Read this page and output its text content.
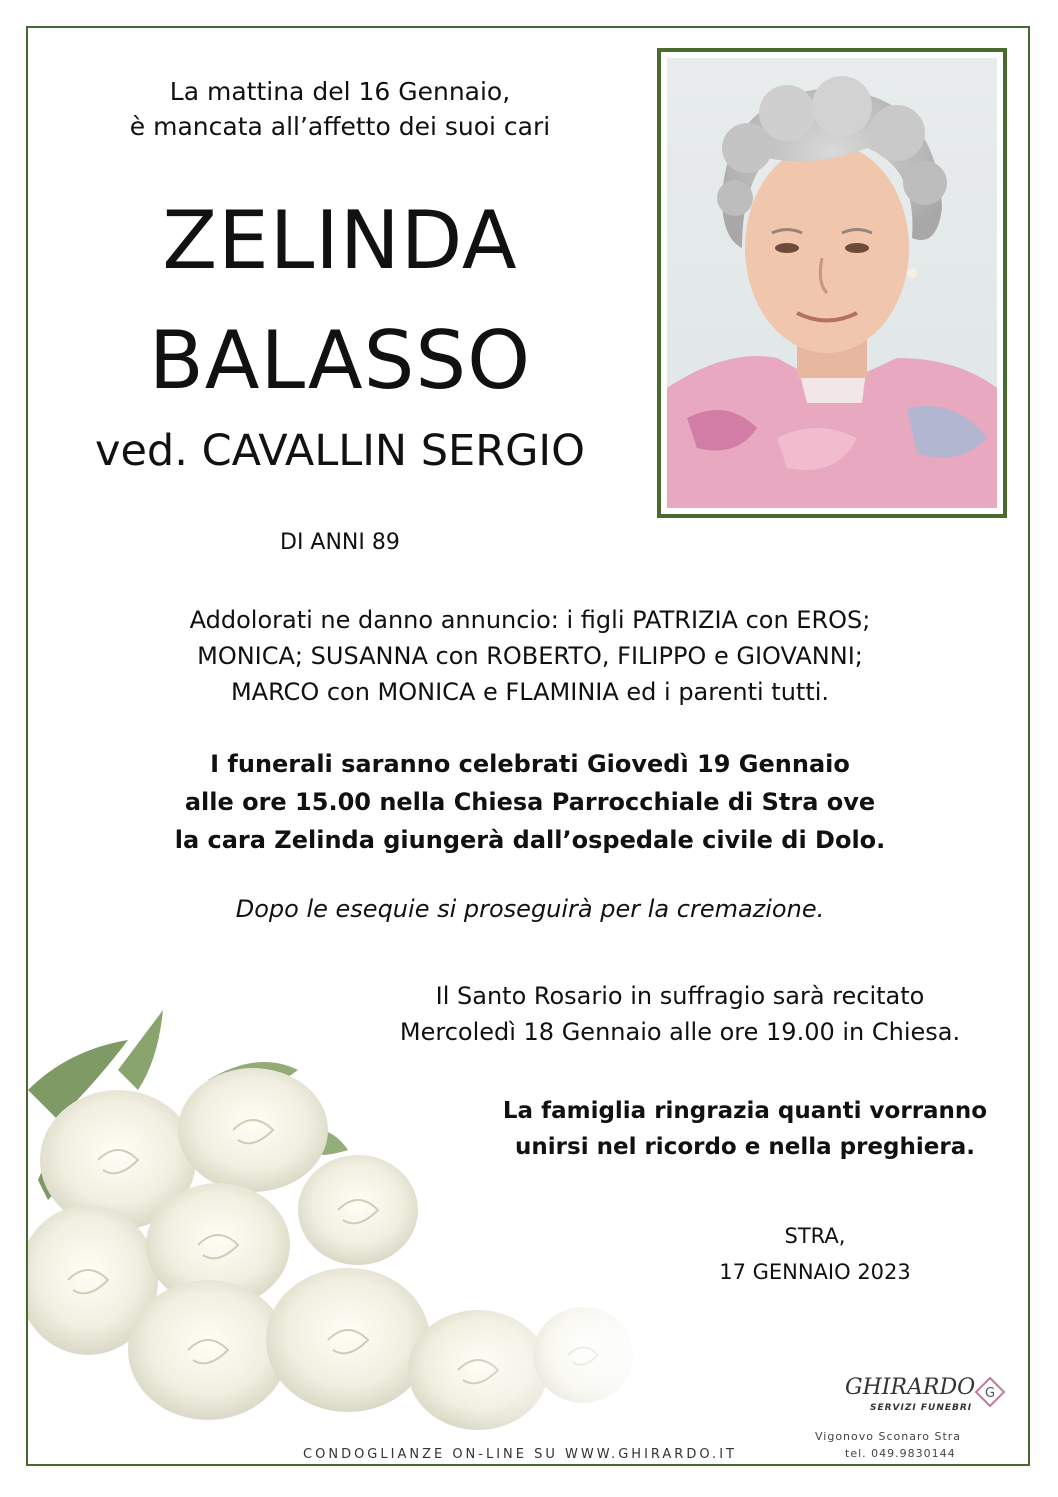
La mattina del 16 Gennaio,
è mancata all’affetto dei suoi cari
ZELINDA
BALASSO
ved. CAVALLIN SERGIO
DI ANNI 89
Addolorati ne danno annuncio: i figli PATRIZIA con EROS;
MONICA; SUSANNA con ROBERTO, FILIPPO e GIOVANNI;
MARCO con MONICA e FLAMINIA ed i parenti tutti.
I funerali saranno celebrati Giovedì 19 Gennaio
alle ore 15.00 nella Chiesa Parrocchiale di Stra ove
la cara Zelinda giungerà dall’ospedale civile di Dolo.
Dopo le esequie si proseguirà per la cremazione.
Il Santo Rosario in suffragio sarà recitato
Mercoledì 18 Gennaio alle ore 19.00 in Chiesa.
La famiglia ringrazia quanti vorranno
unirsi nel ricordo e nella preghiera.
STRA,
17 GENNAIO 2023
CONDOGLIANZE ON-LINE SU WWW.GHIRARDO.IT
GHIRARDO
SERVIZI FUNEBRI
G
Vigonovo Sconaro Stra
tel. 049.9830144
